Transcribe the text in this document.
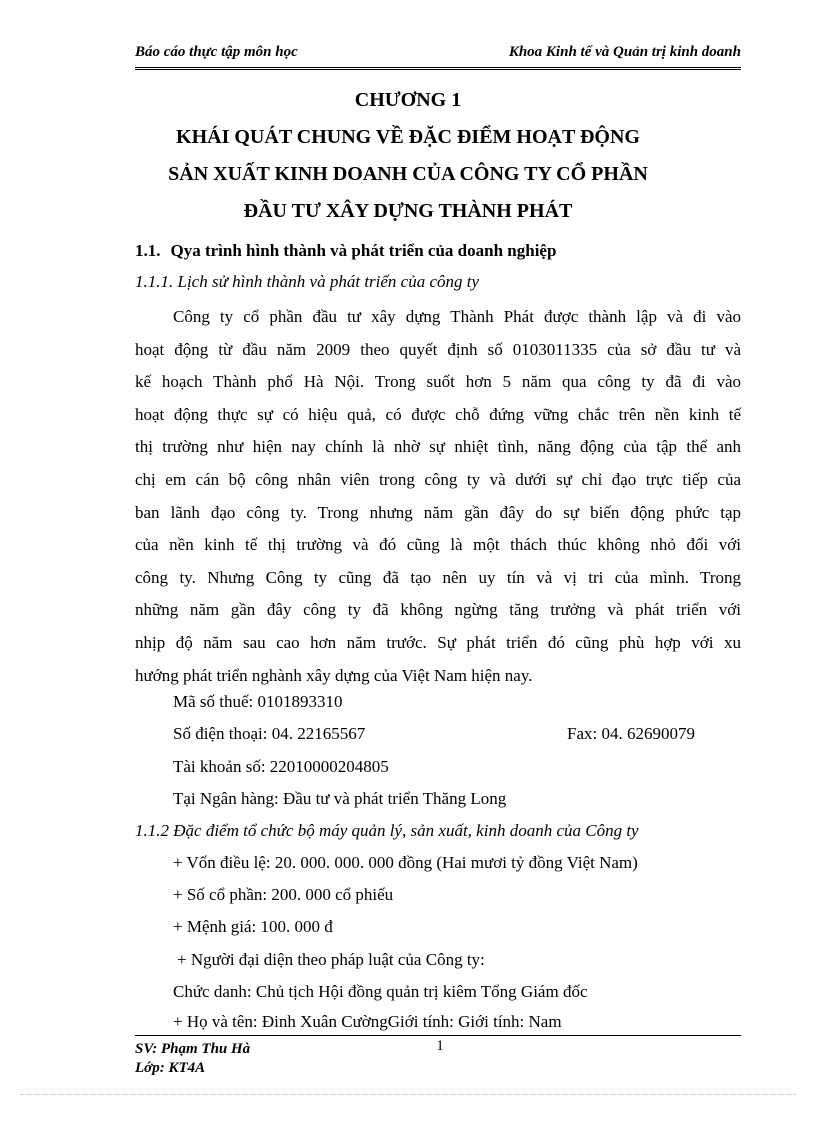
Báo cáo thực tập môn học	Khoa Kinh tế và Quản trị kinh doanh
CHƯƠNG 1
KHÁI QUÁT CHUNG VỀ ĐẶC ĐIỂM HOẠT ĐỘNG
SẢN XUẤT KINH DOANH CỦA CÔNG TY CỔ PHẦN
ĐẦU TƯ XÂY DỰNG THÀNH PHÁT
1.1. Qya trình hình thành và phát triển của doanh nghiệp
1.1.1. Lịch sử hình thành và phát triển của công ty
Công ty cổ phần đầu tư xây dựng Thành Phát được thành lập và đi vào
hoạt động từ đầu năm 2009 theo quyết định số 0103011335 của sở đầu tư và
kế hoạch Thành phố Hà Nội. Trong suốt hơn 5 năm qua công ty đã đi vào
hoạt động thực sự có hiệu quả, có được chỗ đứng vững chắc trên nền kinh tế
thị trường như hiện nay chính là nhờ sự nhiệt tình, năng động của tập thể anh
chị em cán bộ công nhân viên trong công ty và dưới sự chỉ đạo trực tiếp của
ban lãnh đạo công ty. Trong nhưng năm gần đây do sự biến động phức tạp
của nền kinh tế thị trường và đó cũng là một thách thúc không nhỏ đối với
công ty. Nhưng Công ty cũng đã tạo nên uy tín và vị tri của mình. Trong
những năm gần đây công ty đã không ngừng tăng trưởng và phát triển với
nhịp độ năm sau cao hơn năm trước. Sự phát triển đó cũng phù hợp với xu
hướng phát triển nghành xây dựng của Việt Nam hiện nay.
Mã số thuế: 0101893310
Số điện thoại: 04. 22165567	Fax: 04. 62690079
Tài khoản số: 22010000204805
Tại Ngân hàng: Đầu tư và phát triển Thăng Long
1.1.2 Đặc điểm tổ chức bộ máy quản lý, sản xuất, kinh doanh của Công ty
+ Vốn điều lệ: 20. 000. 000. 000 đồng (Hai mươi tỷ đồng Việt Nam)
+ Số cổ phần: 200. 000 cổ phiếu
+ Mệnh giá: 100. 000 đ
+ Người đại diện theo pháp luật của Công ty:
Chức danh: Chủ tịch Hội đồng quản trị kiêm Tổng Giám đốc
+ Họ và tên: Đinh Xuân CườngGiới tính: Giới tính: Nam
1
SV: Phạm Thu Hà
Lớp: KT4A
